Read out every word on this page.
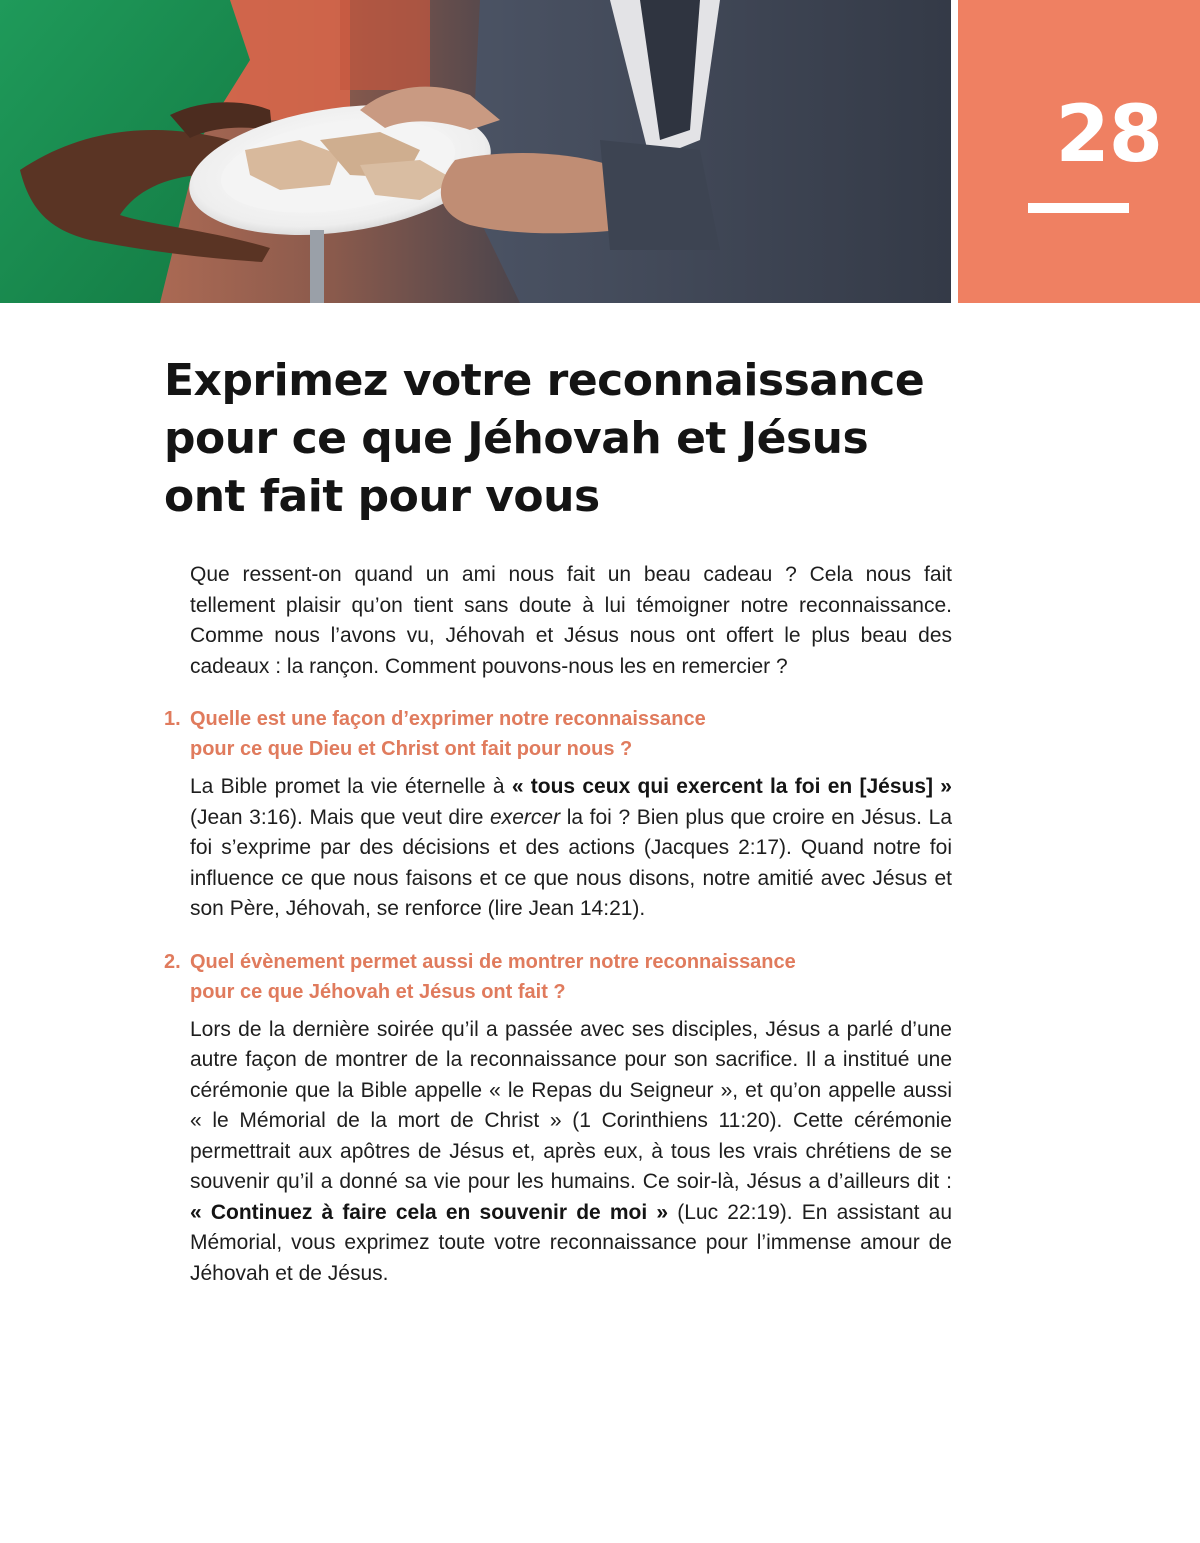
28
Exprimez votre reconnaissance
pour ce que Jéhovah et Jésus
ont fait pour vous

Que ressent-on quand un ami nous fait un beau cadeau ? Cela nous fait tellement plaisir qu’on tient sans doute à lui témoigner notre reconnaissance. Comme nous l’avons vu, Jéhovah et Jésus nous ont offert le plus beau des cadeaux : la rançon. Comment pouvons-nous les en remercier ?

1. Quelle est une façon d’exprimer notre reconnaissance
pour ce que Dieu et Christ ont fait pour nous ?

La Bible promet la vie éternelle à « tous ceux qui exercent la foi en [Jésus] » (Jean 3:16). Mais que veut dire exercer la foi ? Bien plus que croire en Jésus. La foi s’exprime par des décisions et des actions (Jacques 2:17). Quand notre foi influence ce que nous faisons et ce que nous disons, notre amitié avec Jésus et son Père, Jéhovah, se renforce (lire Jean 14:21).

2. Quel évènement permet aussi de montrer notre reconnaissance
pour ce que Jéhovah et Jésus ont fait ?

Lors de la dernière soirée qu’il a passée avec ses disciples, Jésus a parlé d’une autre façon de montrer de la reconnaissance pour son sacrifice. Il a institué une cérémonie que la Bible appelle « le Repas du Seigneur », et qu’on appelle aussi « le Mémorial de la mort de Christ » (1 Corinthiens 11:20). Cette cérémonie permettrait aux apôtres de Jésus et, après eux, à tous les vrais chrétiens de se souvenir qu’il a donné sa vie pour les humains. Ce soir-là, Jésus a d’ailleurs dit : « Continuez à faire cela en souvenir de moi » (Luc 22:19). En assistant au Mémorial, vous exprimez toute votre reconnaissance pour l’immense amour de Jéhovah et de Jésus.
